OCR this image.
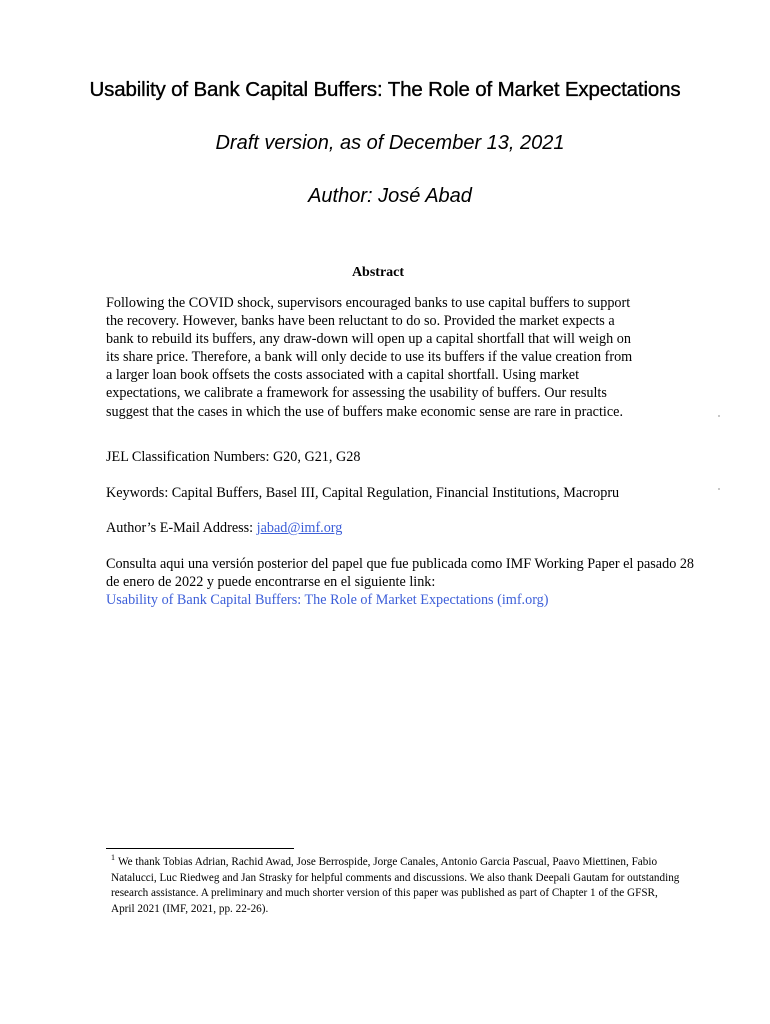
Usability of Bank Capital Buffers: The Role of Market Expectations

Draft version, as of December 13, 2021

Author: José Abad

Abstract

Following the COVID shock, supervisors encouraged banks to use capital buffers to support
the recovery. However, banks have been reluctant to do so. Provided the market expects a
bank to rebuild its buffers, any draw-down will open up a capital shortfall that will weigh on
its share price. Therefore, a bank will only decide to use its buffers if the value creation from
a larger loan book offsets the costs associated with a capital shortfall. Using market
expectations, we calibrate a framework for assessing the usability of buffers. Our results
suggest that the cases in which the use of buffers make economic sense are rare in practice.

JEL Classification Numbers: G20, G21, G28

Keywords: Capital Buffers, Basel III, Capital Regulation, Financial Institutions, Macropru

Author’s E-Mail Address: jabad@imf.org

Consulta aqui una versión posterior del papel que fue publicada como IMF Working Paper el pasado 28 de enero de 2022 y puede encontrarse en el siguiente link:
Usability of Bank Capital Buffers: The Role of Market Expectations (imf.org)

$^1$ We thank Tobias Adrian, Rachid Awad, Jose Berrospide, Jorge Canales, Antonio Garcia Pascual, Paavo Miettinen, Fabio Natalucci, Luc Riedweg and Jan Strasky for helpful comments and discussions. We also thank Deepali Gautam for outstanding research assistance. A preliminary and much shorter version of this paper was published as part of Chapter 1 of the GFSR, April 2021 (IMF, 2021, pp. 22-26).
